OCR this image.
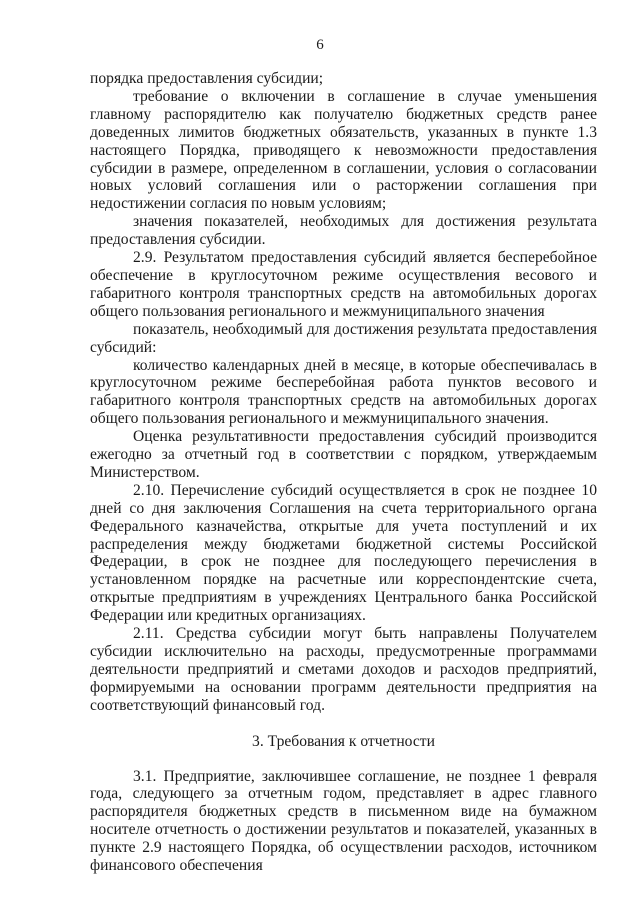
6

порядка предоставления субсидии;

требование о включении в соглашение в случае уменьшения главному распорядителю как получателю бюджетных средств ранее доведенных лимитов бюджетных обязательств, указанных в пункте 1.3 настоящего Порядка, приводящего к невозможности предоставления субсидии в размере, определенном в соглашении, условия о согласовании новых условий соглашения или о расторжении соглашения при недостижении согласия по новым условиям;

значения показателей, необходимых для достижения результата предоставления субсидии.

2.9. Результатом предоставления субсидий является бесперебойное обеспечение в круглосуточном режиме осуществления весового и габаритного контроля транспортных средств на автомобильных дорогах общего пользования регионального и межмуниципального значения

показатель, необходимый для достижения результата предоставления субсидий:

количество календарных дней в месяце, в которые обеспечивалась в круглосуточном режиме бесперебойная работа пунктов весового и габаритного контроля транспортных средств на автомобильных дорогах общего пользования регионального и межмуниципального значения.

Оценка результативности предоставления субсидий производится ежегодно за отчетный год в соответствии с порядком, утверждаемым Министерством.

2.10. Перечисление субсидий осуществляется в срок не позднее 10 дней со дня заключения Соглашения на счета территориального органа Федерального казначейства, открытые для учета поступлений и их распределения между бюджетами бюджетной системы Российской Федерации, в срок не позднее для последующего перечисления в установленном порядке на расчетные или корреспондентские счета, открытые предприятиям в учреждениях Центрального банка Российской Федерации или кредитных организациях.

2.11. Средства субсидии могут быть направлены Получателем субсидии исключительно на расходы, предусмотренные программами деятельности предприятий и сметами доходов и расходов предприятий, формируемыми на основании программ деятельности предприятия на соответствующий финансовый год.

3. Требования к отчетности

3.1. Предприятие, заключившее соглашение, не позднее 1 февраля года, следующего за отчетным годом, представляет в адрес главного распорядителя бюджетных средств в письменном виде на бумажном носителе отчетность о достижении результатов и показателей, указанных в пункте 2.9 настоящего Порядка, об осуществлении расходов, источником финансового обеспечения
